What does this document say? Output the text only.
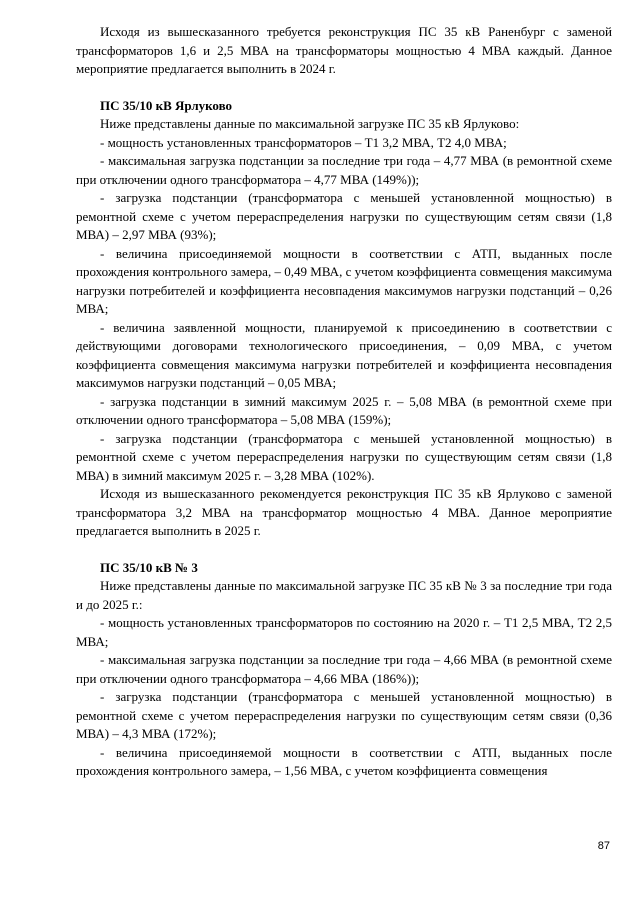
Исходя из вышесказанного требуется реконструкция ПС 35 кВ Раненбург с заменой трансформаторов 1,6 и 2,5 МВА на трансформаторы мощностью 4 МВА каждый. Данное мероприятие предлагается выполнить в 2024 г.

ПС 35/10 кВ Ярлуково

Ниже представлены данные по максимальной загрузке ПС 35 кВ Ярлуково:

- мощность установленных трансформаторов – Т1 3,2 МВА, Т2 4,0 МВА;

- максимальная загрузка подстанции за последние три года – 4,77 МВА (в ремонтной схеме при отключении одного трансформатора – 4,77 МВА (149%));

- загрузка подстанции (трансформатора с меньшей установленной мощностью) в ремонтной схеме с учетом перераспределения нагрузки по существующим сетям связи (1,8 МВА) – 2,97 МВА (93%);

- величина присоединяемой мощности в соответствии с АТП, выданных после прохождения контрольного замера, – 0,49 МВА, с учетом коэффициента совмещения максимума нагрузки потребителей и коэффициента несовпадения максимумов нагрузки подстанций – 0,26 МВА;

- величина заявленной мощности, планируемой к присоединению в соответствии с действующими договорами технологического присоединения, – 0,09 МВА, с учетом коэффициента совмещения максимума нагрузки потребителей и коэффициента несовпадения максимумов нагрузки подстанций – 0,05 МВА;

- загрузка подстанции в зимний максимум 2025 г. – 5,08 МВА (в ремонтной схеме при отключении одного трансформатора – 5,08 МВА (159%);

- загрузка подстанции (трансформатора с меньшей установленной мощностью) в ремонтной схеме с учетом перераспределения нагрузки по существующим сетям связи (1,8 МВА) в зимний максимум 2025 г. – 3,28 МВА (102%).

Исходя из вышесказанного рекомендуется реконструкция ПС 35 кВ Ярлуково с заменой трансформатора 3,2 МВА на трансформатор мощностью 4 МВА. Данное мероприятие предлагается выполнить в 2025 г.

ПС 35/10 кВ № 3

Ниже представлены данные по максимальной загрузке ПС 35 кВ № 3 за последние три года и до 2025 г.:

- мощность установленных трансформаторов по состоянию на 2020 г. – Т1 2,5 МВА, Т2 2,5 МВА;

- максимальная загрузка подстанции за последние три года – 4,66 МВА (в ремонтной схеме при отключении одного трансформатора – 4,66 МВА (186%));

- загрузка подстанции (трансформатора с меньшей установленной мощностью) в ремонтной схеме с учетом перераспределения нагрузки по существующим сетям связи (0,36 МВА) – 4,3 МВА (172%);

- величина присоединяемой мощности в соответствии с АТП, выданных после прохождения контрольного замера, – 1,56 МВА, с учетом коэффициента совмещения

87
